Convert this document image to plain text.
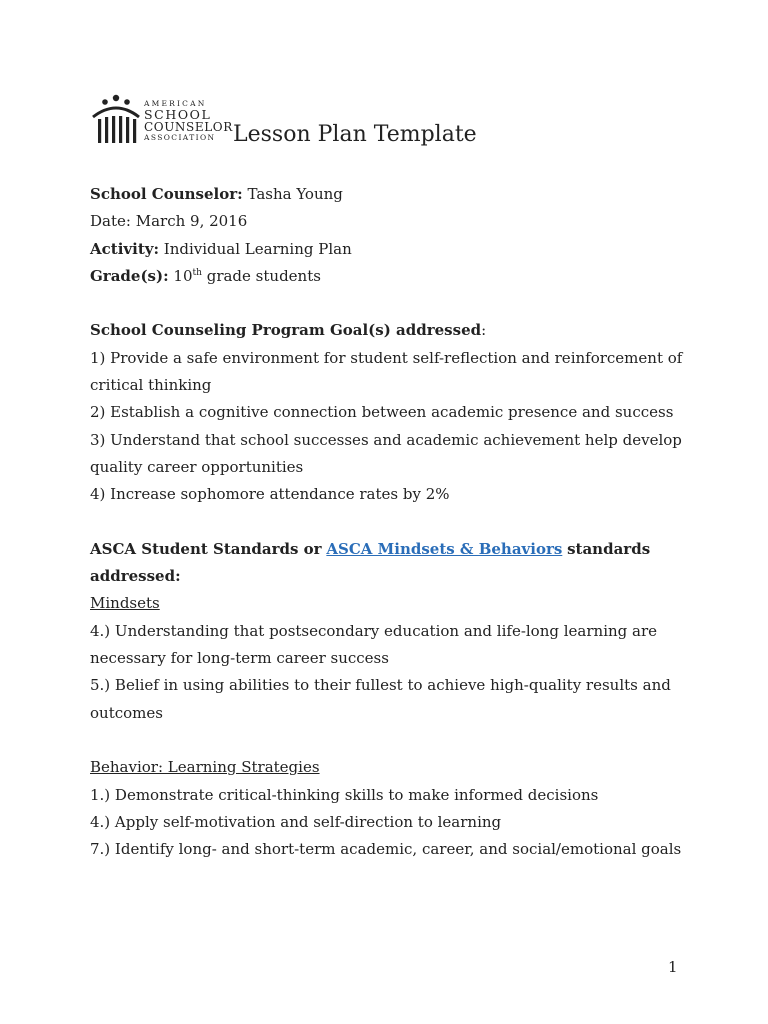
AMERICAN
SCHOOL
COUNSELOR
ASSOCIATION Lesson Plan Template
School Counselor: Tasha Young
Date: March 9, 2016
Activity: Individual Learning Plan
Grade(s): 10th grade students
School Counseling Program Goal(s) addressed:
1) Provide a safe environment for student self-reflection and reinforcement of critical thinking
2) Establish a cognitive connection between academic presence and success
3) Understand that school successes and academic achievement help develop quality career opportunities
4) Increase sophomore attendance rates by 2%
ASCA Student Standards or ASCA Mindsets & Behaviors standards addressed:
Mindsets
4.) Understanding that postsecondary education and life-long learning are necessary for long-term career success
5.) Belief in using abilities to their fullest to achieve high-quality results and outcomes
Behavior: Learning Strategies
1.) Demonstrate critical-thinking skills to make informed decisions
4.) Apply self-motivation and self-direction to learning
7.) Identify long- and short-term academic, career, and social/emotional goals
1
